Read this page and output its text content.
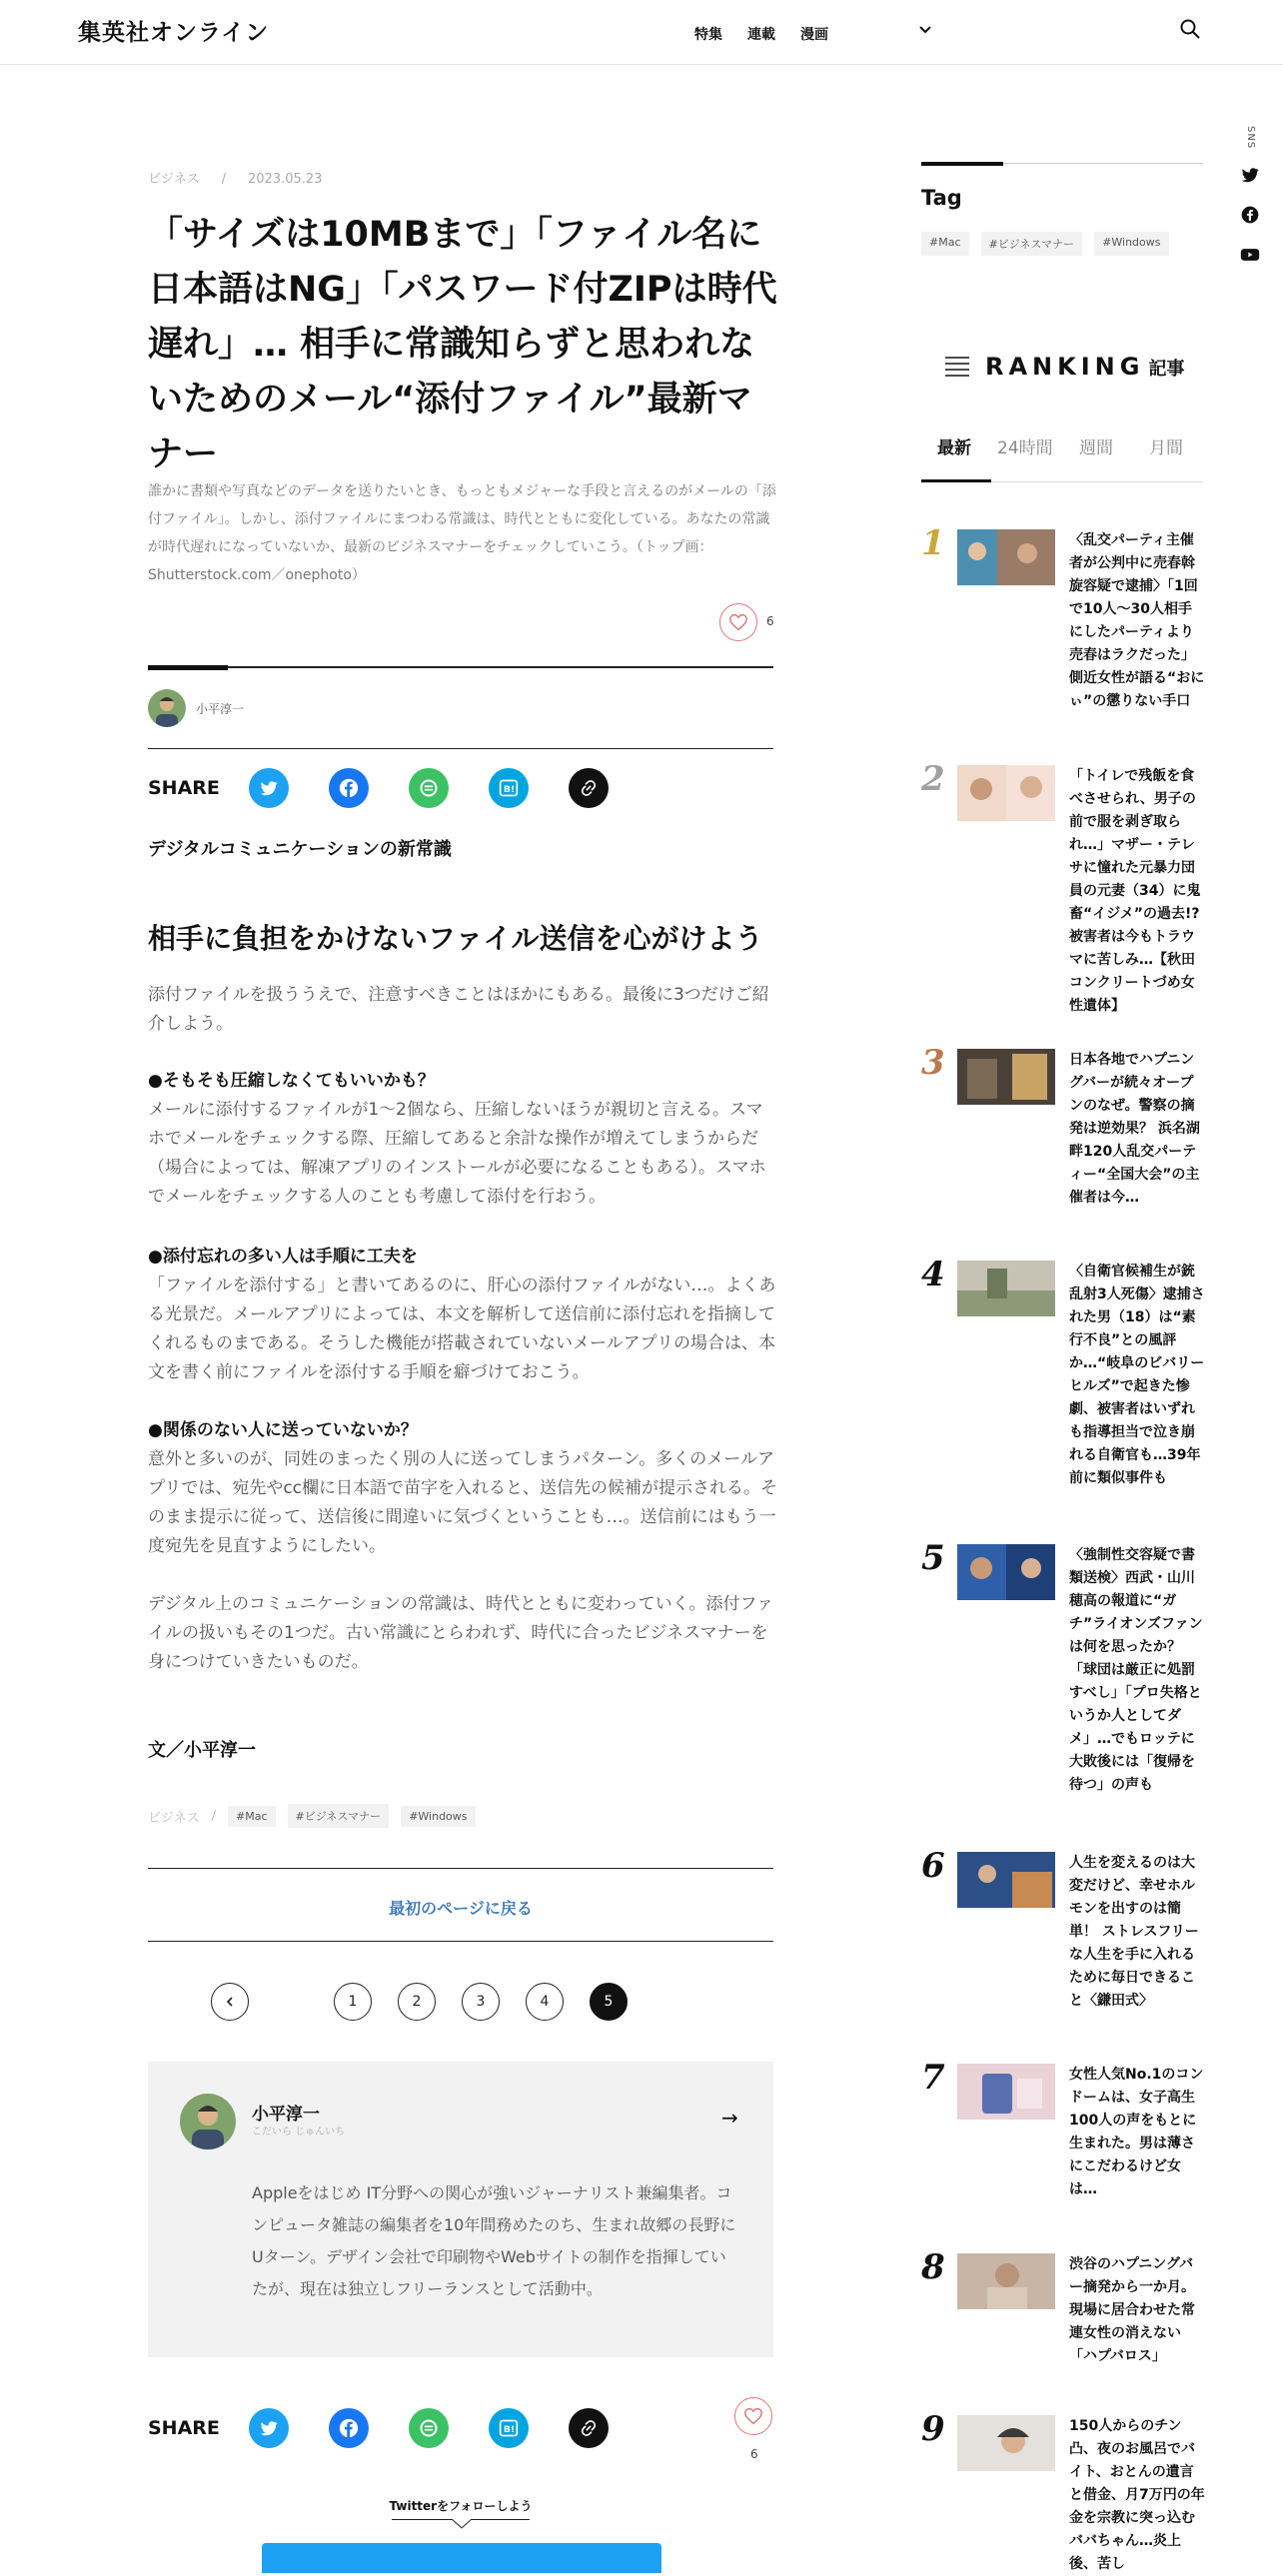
集英社オンライン	特集 連載 漫画
SNS
ビジネス / 2023.05.23
「サイズは10MBまで」「ファイル名に日本語はNG」「パスワード付ZIPは時代遅れ」… 相手に常識知らずと思われないためのメール“添付ファイル”最新マナー
誰かに書類や写真などのデータを送りたいとき、もっともメジャーな手段と言えるのがメールの「添付ファイル」。しかし、添付ファイルにまつわる常識は、時代とともに変化している。あなたの常識が時代遅れになっていないか、最新のビジネスマナーをチェックしていこう。（トップ画：Shutterstock.com／onephoto）
6
小平淳一
SHARE	B!
デジタルコミュニケーションの新常識
相手に負担をかけないファイル送信を心がけよう

添付ファイルを扱ううえで、注意すべきことはほかにもある。最後に3つだけご紹介しよう。

●そもそも圧縮しなくてもいいかも？
メールに添付するファイルが1～2個なら、圧縮しないほうが親切と言える。スマホでメールをチェックする際、圧縮してあると余計な操作が増えてしまうからだ（場合によっては、解凍アプリのインストールが必要になることもある）。スマホでメールをチェックする人のことも考慮して添付を行おう。
●添付忘れの多い人は手順に工夫を
「ファイルを添付する」と書いてあるのに、肝心の添付ファイルがない…。よくある光景だ。メールアプリによっては、本文を解析して送信前に添付忘れを指摘してくれるものまである。そうした機能が搭載されていないメールアプリの場合は、本文を書く前にファイルを添付する手順を癖づけておこう。
●関係のない人に送っていないか？
意外と多いのが、同姓のまったく別の人に送ってしまうパターン。多くのメールアプリでは、宛先やcc欄に日本語で苗字を入れると、送信先の候補が提示される。そのまま提示に従って、送信後に間違いに気づくということも…。送信前にはもう一度宛先を見直すようにしたい。

デジタル上のコミュニケーションの常識は、時代とともに変わっていく。添付ファイルの扱いもその1つだ。古い常識にとらわれず、時代に合ったビジネスマナーを身につけていきたいものだ。

文／小平淳一
ビジネス /	#Mac	#ビジネスマナー	#Windows
最初のページに戻る
1	2	3	4	5
小平淳一
こだいら じゅんいち
→
Appleをはじめ IT分野への関心が強いジャーナリスト兼編集者。コンピュータ雑誌の編集者を10年間務めたのち、生まれ故郷の長野にUターン。デザイン会社で印刷物やWebサイトの制作を指揮していたが、現在は独立しフリーランスとして活動中。
SHARE	B!
6
Twitterをフォローしよう
Tag
#Mac	#ビジネスマナー	#Windows
RANKING 記事
最新 24時間 週間 月間
1	〈乱交パーティ主催者が公判中に売春斡旋容疑で逮捕〉「1回で10人～30人相手にしたパーティより売春はラクだった」側近女性が語る“おにぃ”の懲りない手口
2	「トイレで残飯を食べさせられ、男子の前で服を剥ぎ取られ…」マザー・テレサに憧れた元暴力団員の元妻（34）に鬼畜“イジメ”の過去!? 被害者は今もトラウマに苦しみ…【秋田コンクリートづめ女性遺体】
3	日本各地でハプニングバーが続々オープンのなぜ。警察の摘発は逆効果？ 浜名湖畔120人乱交パーティー“全国大会”の主催者は今…
4	〈自衛官候補生が銃乱射3人死傷〉逮捕された男（18）は“素行不良”との風評か…“岐阜のビバリーヒルズ”で起きた惨劇、被害者はいずれも指導担当で泣き崩れる自衛官も…39年前に類似事件も
5	〈強制性交容疑で書類送検〉西武・山川穂高の報道に“ガチ”ライオンズファンは何を思ったか？「球団は厳正に処罰すべし」「プロ失格というか人としてダメ」…でもロッテに大敗後には「復帰を待つ」の声も
6	人生を変えるのは大変だけど、幸せホルモンを出すのは簡単！ ストレスフリーな人生を手に入れるために毎日できること〈鎌田式〉
7	女性人気No.1のコンドームは、女子高生100人の声をもとに生まれた。男は薄さにこだわるけど女は…
8	渋谷のハプニングバー摘発から一か月。現場に居合わせた常連女性の消えない「ハプバロス」
9	150人からのチン凸、夜のお風呂でバイト、おとんの遺言と借金、月7万円の年金を宗教に突っ込むババちゃん…炎上後、苦し
